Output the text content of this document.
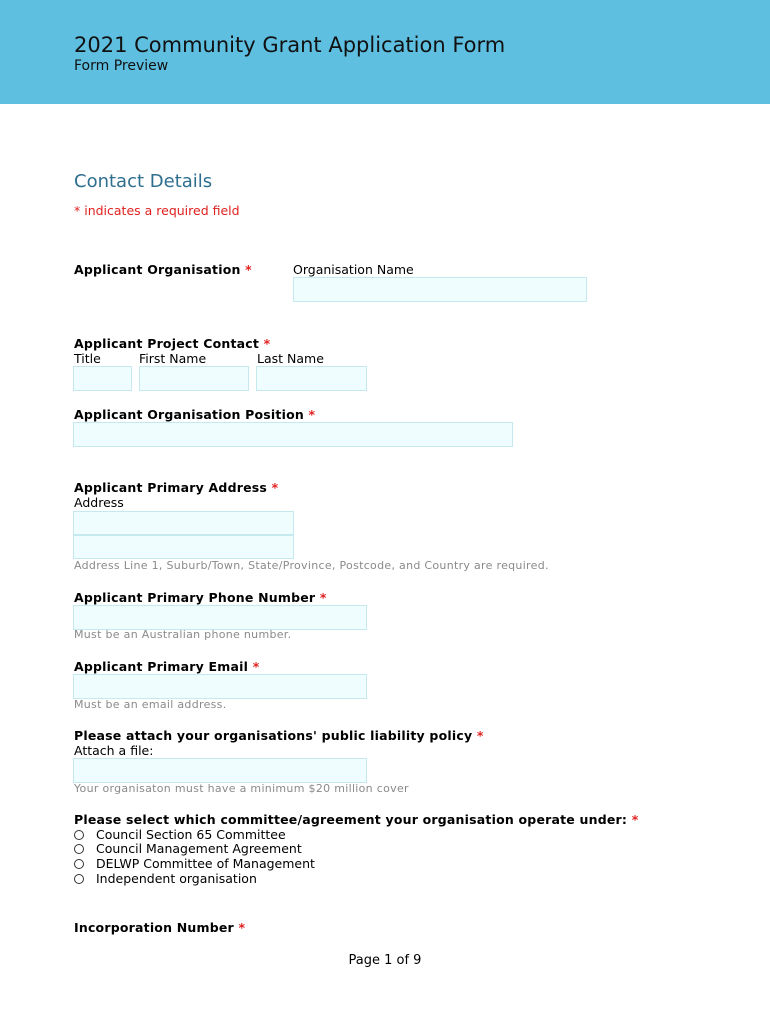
2021 Community Grant Application Form
Form Preview
Contact Details
* indicates a required field
Applicant Organisation *	Organisation Name
Applicant Project Contact *
Title	First Name	Last Name
Applicant Organisation Position *
Applicant Primary Address *
Address
Address Line 1, Suburb/Town, State/Province, Postcode, and Country are required.
Applicant Primary Phone Number *
Must be an Australian phone number.
Applicant Primary Email *
Must be an email address.
Please attach your organisations' public liability policy *
Attach a file:
Your organisaton must have a minimum $20 million cover
Please select which committee/agreement your organisation operate under: *
Council Section 65 Committee
Council Management Agreement
DELWP Committee of Management
Independent organisation
Incorporation Number *
Page 1 of 9
